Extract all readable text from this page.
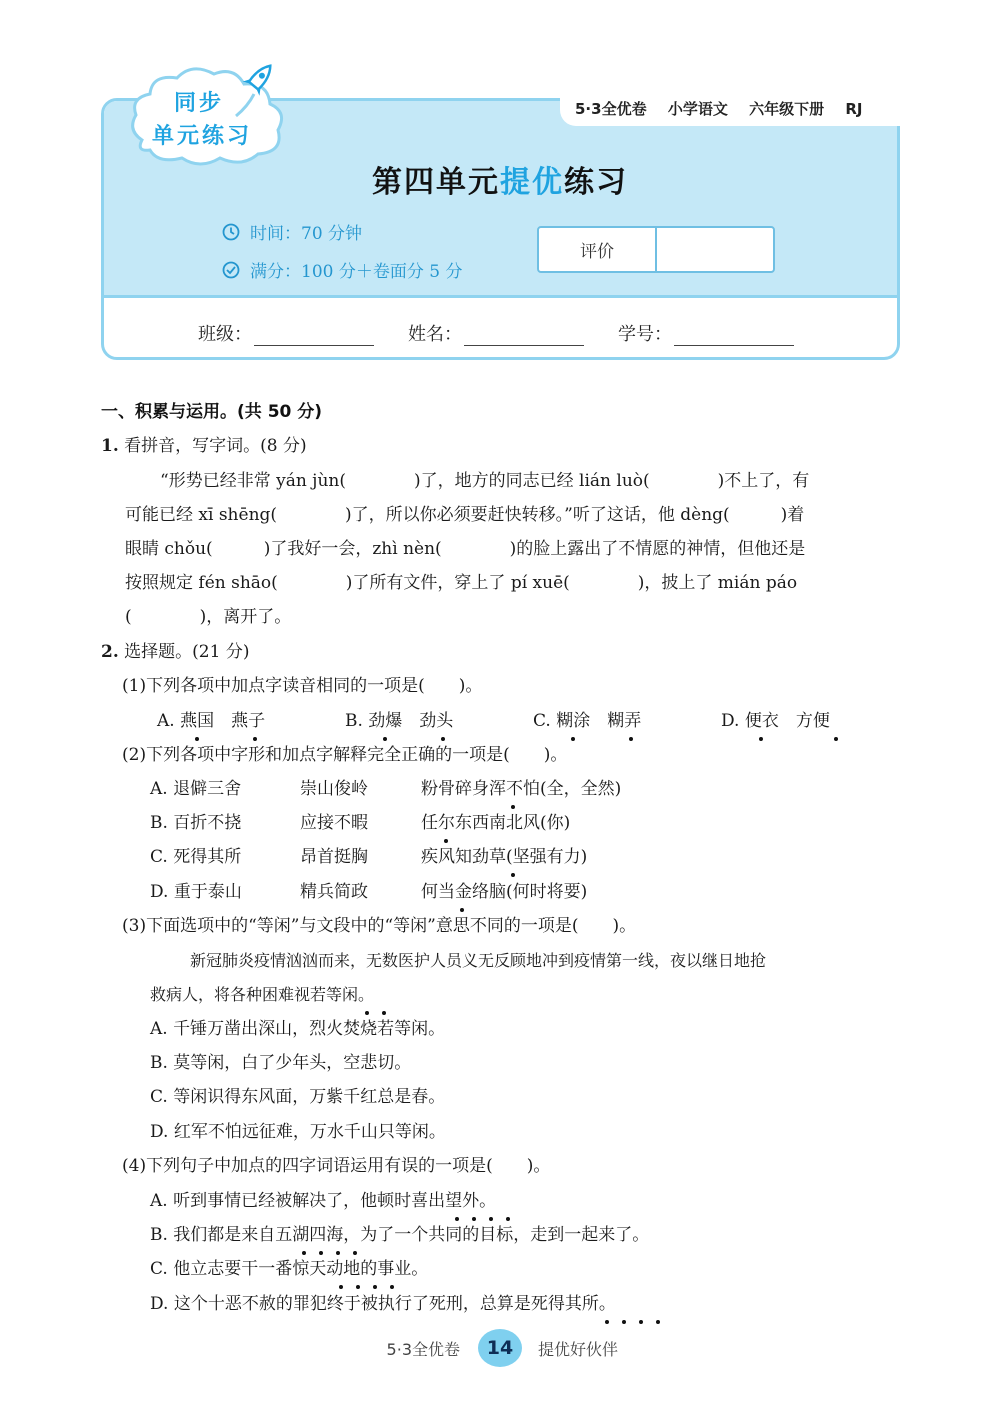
5·3全优卷 小学语文 六年级下册 RJ
同步
单元练习
第四单元提优练习
时间：70 分钟
满分：100 分＋卷面分 5 分
评价
班级：	姓名：	学号：
一、积累与运用。(共 50 分)
1. 看拼音，写字词。(8 分)
“形势已经非常 yán jùn(　　　　)了，地方的同志已经 lián luò(　　　　)不上了，有
可能已经 xī shēng(　　　　)了，所以你必须要赶快转移。”听了这话，他 dèng(　　　)着
眼睛 chǒu(　　　)了我好一会，zhì nèn(　　　　)的脸上露出了不情愿的神情，但他还是
按照规定 fén shāo(　　　　)了所有文件，穿上了 pí xuē(　　　　)，披上了 mián páo
(　　　　)，离开了。
2. 选择题。(21 分)
(1)下列各项中加点字读音相同的一项是(　　)。
A. 燕国　燕子	B. 劲爆　劲头	C. 糊涂　糊弄	D. 便衣　方便
(2)下列各项中字形和加点字解释完全正确的一项是(　　)。
A. 退僻三舍	崇山俊岭	粉骨碎身浑不怕(全，全然)
B. 百折不挠	应接不暇	任尔东西南北风(你)
C. 死得其所	昂首挺胸	疾风知劲草(坚强有力)
D. 重于泰山	精兵简政	何当金络脑(何时将要)
(3)下面选项中的“等闲”与文段中的“等闲”意思不同的一项是(　　)。
新冠肺炎疫情汹汹而来，无数医护人员义无反顾地冲到疫情第一线，夜以继日地抢
救病人，将各种困难视若等闲。
A. 千锤万凿出深山，烈火焚烧若等闲。
B. 莫等闲，白了少年头，空悲切。
C. 等闲识得东风面，万紫千红总是春。
D. 红军不怕远征难，万水千山只等闲。
(4)下列句子中加点的四字词语运用有误的一项是(　　)。
A. 听到事情已经被解决了，他顿时喜出望外。
B. 我们都是来自五湖四海，为了一个共同的目标，走到一起来了。
C. 他立志要干一番惊天动地的事业。
D. 这个十恶不赦的罪犯终于被执行了死刑，总算是死得其所。
5·3全优卷	14	提优好伙伴
